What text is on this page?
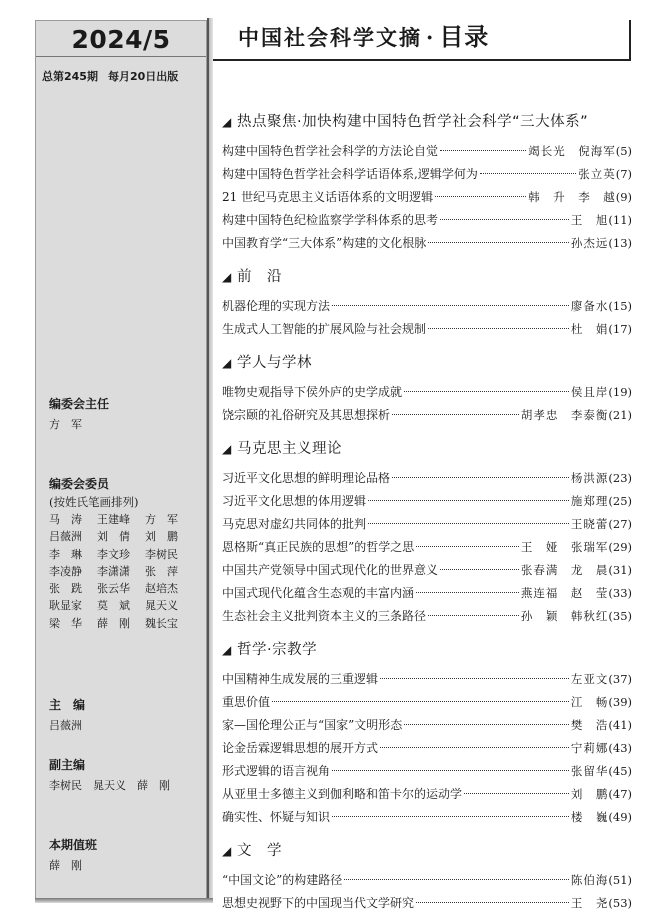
2024/5
总第245期 每月20日出版
编委会主任
方　军
编委会委员
(按姓氏笔画排列)
马　涛	王建峰	方　军
吕薇洲	刘　倩	刘　鹏
李　琳	李文珍	李树民
李凌静	李潇潇	张　萍
张　跣	张云华	赵培杰
耿显家	莫　斌	晁天义
梁　华	薛　刚	魏长宝
主　编
吕薇洲
副主编
李树民　晁天义　薛　刚
本期值班
薛　刚
中国社会科学文摘 · 目录
◢ 热点聚焦·加快构建中国特色哲学社会科学“三大体系”
构建中国特色哲学社会科学的方法论自觉	竭长光　倪海军 (5)
构建中国特色哲学社会科学话语体系,逻辑学何为	张立英 (7)
21 世纪马克思主义话语体系的文明逻辑	韩　升　李　越 (9)
构建中国特色纪检监察学学科体系的思考	王　旭 (11)
中国教育学“三大体系”构建的文化根脉	孙杰远 (13)
◢ 前　沿
机器伦理的实现方法	廖备水 (15)
生成式人工智能的扩展风险与社会规制	杜　娟 (17)
◢ 学人与学林
唯物史观指导下侯外庐的史学成就	侯且岸 (19)
饶宗颐的礼俗研究及其思想探析	胡孝忠　李泰衡 (21)
◢ 马克思主义理论
习近平文化思想的鲜明理论品格	杨洪源 (23)
习近平文化思想的体用逻辑	施郑理 (25)
马克思对虚幻共同体的批判	王晓蕾 (27)
恩格斯“真正民族的思想”的哲学之思	王　娅　张瑞军 (29)
中国共产党领导中国式现代化的世界意义	张春满　龙　晨 (31)
中国式现代化蕴含生态观的丰富内涵	燕连福　赵　莹 (33)
生态社会主义批判资本主义的三条路径	孙　颖　韩秋红 (35)
◢ 哲学·宗教学
中国精神生成发展的三重逻辑	左亚文 (37)
重思价值	江　畅 (39)
家—国伦理公正与“国家”文明形态	樊　浩 (41)
论金岳霖逻辑思想的展开方式	宁莉娜 (43)
形式逻辑的语言视角	张留华 (45)
从亚里士多德主义到伽利略和笛卡尔的运动学	刘　鹏 (47)
确实性、怀疑与知识	楼　巍 (49)
◢ 文　学
“中国文论”的构建路径	陈伯海 (51)
思想史视野下的中国现当代文学研究	王　尧 (53)
